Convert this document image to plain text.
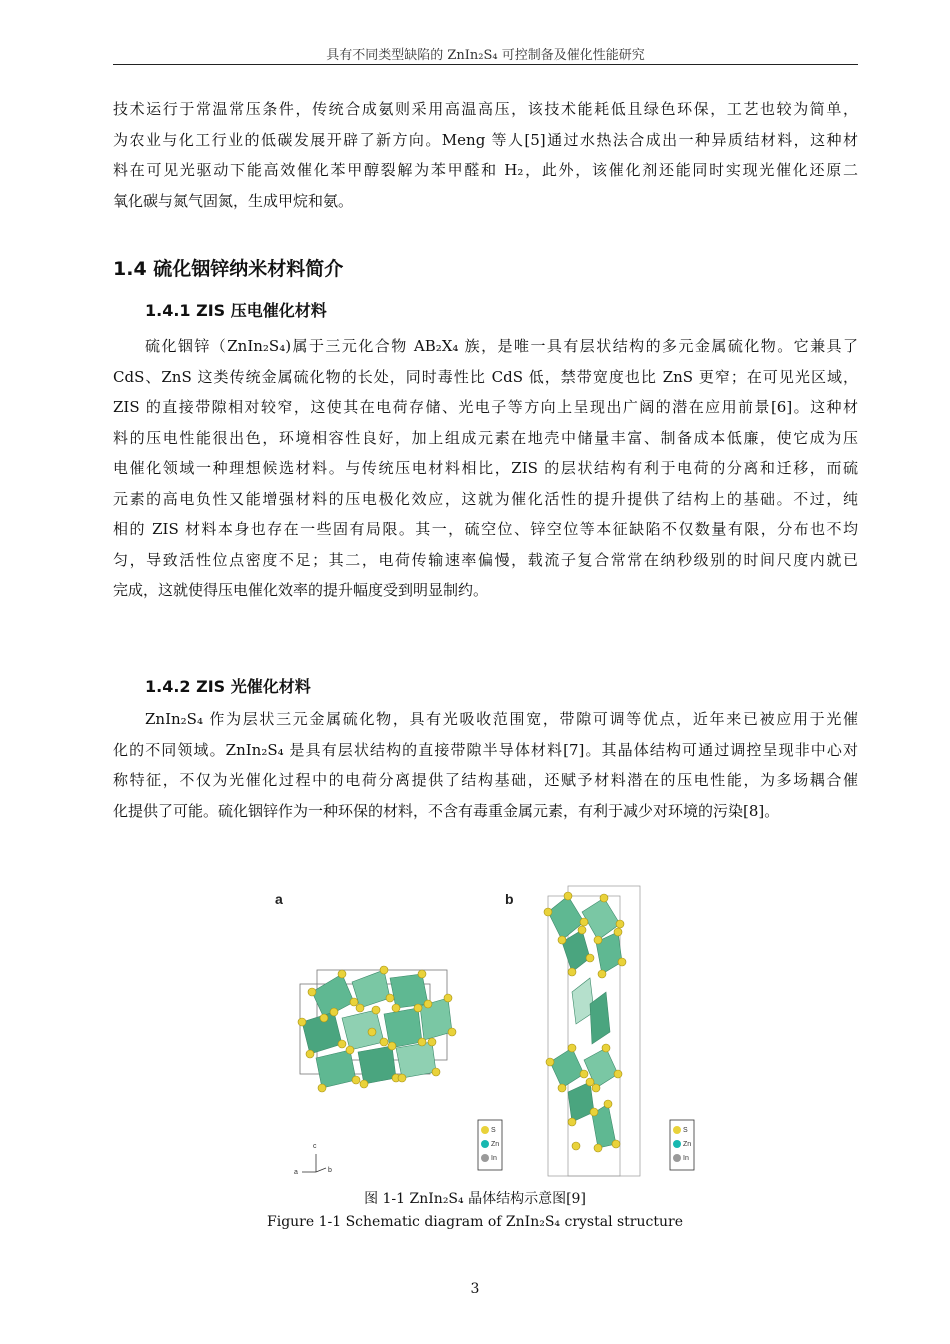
具有不同类型缺陷的 ZnIn₂S₄ 可控制备及催化性能研究
技术运行于常温常压条件，传统合成氨则采用高温高压，该技术能耗低且绿色环保，工艺也较为简单，
为农业与化工行业的低碳发展开辟了新方向。Meng 等人[5]通过水热法合成出一种异质结材料，这种材
料在可见光驱动下能高效催化苯甲醇裂解为苯甲醛和 H₂，此外，该催化剂还能同时实现光催化还原二
氧化碳与氮气固氮，生成甲烷和氨。
1.4 硫化铟锌纳米材料简介
1.4.1 ZIS 压电催化材料
硫化铟锌（ZnIn₂S₄)属于三元化合物 AB₂X₄ 族，是唯一具有层状结构的多元金属硫化物。它兼具了
CdS、ZnS 这类传统金属硫化物的长处，同时毒性比 CdS 低，禁带宽度也比 ZnS 更窄；在可见光区域，
ZIS 的直接带隙相对较窄，这使其在电荷存储、光电子等方向上呈现出广阔的潜在应用前景[6]。这种材
料的压电性能很出色，环境相容性良好，加上组成元素在地壳中储量丰富、制备成本低廉，使它成为压
电催化领域一种理想候选材料。与传统压电材料相比，ZIS 的层状结构有利于电荷的分离和迁移，而硫
元素的高电负性又能增强材料的压电极化效应，这就为催化活性的提升提供了结构上的基础。不过，纯
相的 ZIS 材料本身也存在一些固有局限。其一，硫空位、锌空位等本征缺陷不仅数量有限，分布也不均
匀，导致活性位点密度不足；其二，电荷传输速率偏慢，载流子复合常常在纳秒级别的时间尺度内就已
完成，这就使得压电催化效率的提升幅度受到明显制约。
1.4.2 ZIS 光催化材料
ZnIn₂S₄ 作为层状三元金属硫化物，具有光吸收范围宽，带隙可调等优点，近年来已被应用于光催
化的不同领域。ZnIn₂S₄ 是具有层状结构的直接带隙半导体材料[7]。其晶体结构可通过调控呈现非中心对
称特征，不仅为光催化过程中的电荷分离提供了结构基础，还赋予材料潜在的压电性能，为多场耦合催
化提供了可能。硫化铟锌作为一种环保的材料，不含有毒重金属元素，有利于减少对环境的污染[8]。
a	b
c
a	b
S
Zn
In
S
Zn
In
图 1-1 ZnIn₂S₄ 晶体结构示意图[9]
Figure 1-1 Schematic diagram of ZnIn₂S₄ crystal structure
3
